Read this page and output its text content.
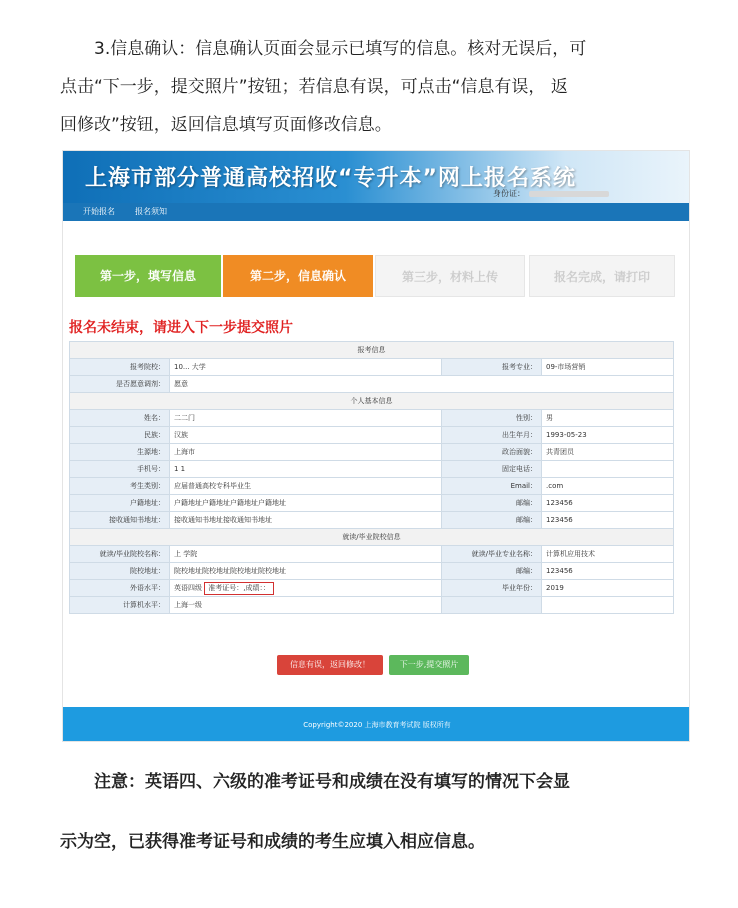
3.信息确认：信息确认页面会显示已填写的信息。核对无误后，可

点击“下一步，提交照片”按钮；若信息有误，可点击“信息有误， 返
回修改”按钮，返回信息填写页面修改信息。
上海市部分普通高校招收“专升本”网上报名系统
身份证：
开始报名	报名须知
第一步，填写信息	第二步，信息确认	第三步，材料上传	报名完成，请打印
报名未结束，请进入下一步提交照片
报考信息			
报考院校：	10... 大学	报考专业：	09-市场营销
是否愿意调剂：	愿意		
个人基本信息			
姓名：	二二门	性别：	男
民族：	汉族	出生年月：	1993-05-23
生源地：	上海市	政治面貌：	共青团员
手机号：	1 1	固定电话：	
考生类别：	应届普通高校专科毕业生	Email：	.com
户籍地址：	户籍地址户籍地址户籍地址户籍地址	邮编：	123456
接收通知书地址：	接收通知书地址接收通知书地址	邮编：	123456
就读/毕业院校信息			
就读/毕业院校名称：	上 学院	就读/毕业专业名称：	计算机应用技术
院校地址：	院校地址院校地址院校地址院校地址	邮编：	123456
外语水平：	英语四级 准考证号：,成绩：：	毕业年份：	2019
计算机水平：	上海一级		
信息有误，返回修改！	下一步,提交照片
Copyright©2020 上海市教育考试院 版权所有

注意：英语四、六级的准考证号和成绩在没有填写的情况下会显

示为空，已获得准考证号和成绩的考生应填入相应信息。
